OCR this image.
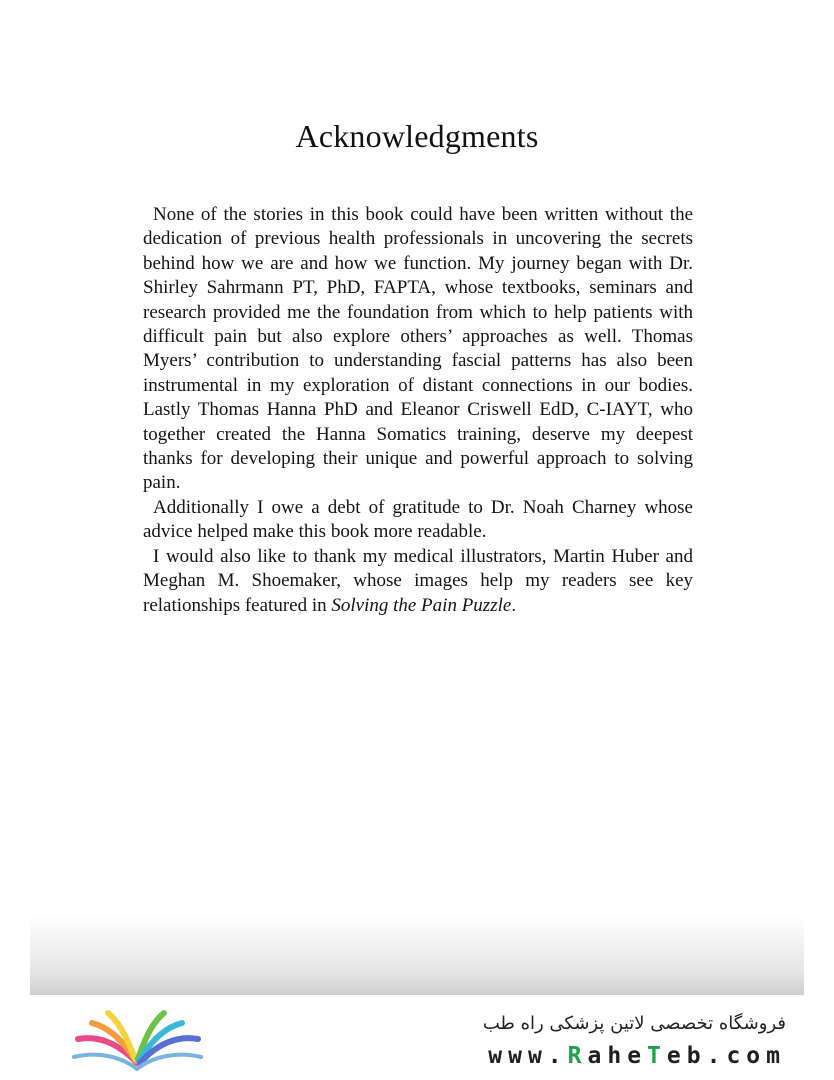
Acknowledgments

None of the stories in this book could have been written without the dedication of previous health professionals in uncovering the secrets behind how we are and how we function. My journey began with Dr. Shirley Sahrmann PT, PhD, FAPTA, whose textbooks, seminars and research provided me the foundation from which to help patients with difficult pain but also explore others’ approaches as well. Thomas Myers’ contribution to understanding fascial patterns has also been instrumental in my exploration of distant connections in our bodies. Lastly Thomas Hanna PhD and Eleanor Criswell EdD, C-IAYT, who together created the Hanna Somatics training, deserve my deepest thanks for developing their unique and powerful approach to solving pain.

Additionally I owe a debt of gratitude to Dr. Noah Charney whose advice helped make this book more readable.

I would also like to thank my medical illustrators, Martin Huber and Meghan M. Shoemaker, whose images help my readers see key relationships featured in Solving the Pain Puzzle.

فروشگاه تخصصی لاتین پزشکی راه طب
www.RaheTeb.com
